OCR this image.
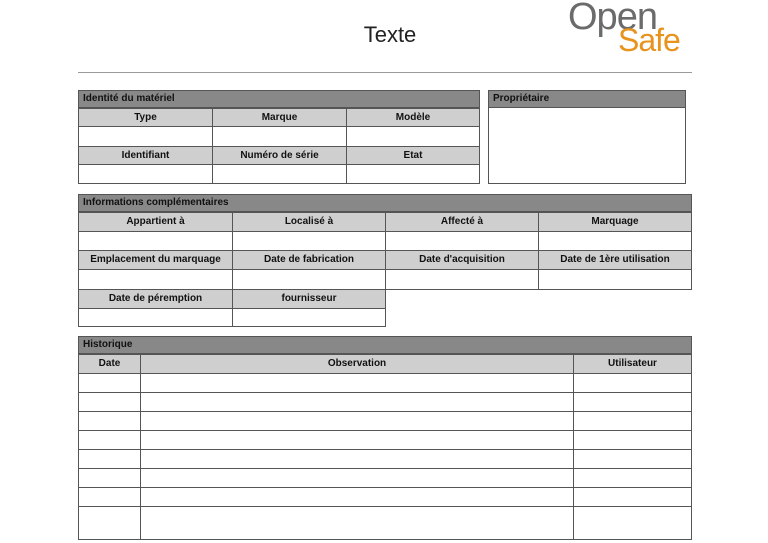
Texte	Open
Safe
Identité du matériel
Type	Marque	Modèle
Identifiant	Numéro de série	Etat
Propriétaire
Informations complémentaires
Appartient à	Localisé à	Affecté à	Marquage
Emplacement du marquage	Date de fabrication	Date d'acquisition	Date de 1ère utilisation
Date de péremption	fournisseur
Historique
Date	Observation	Utilisateur
